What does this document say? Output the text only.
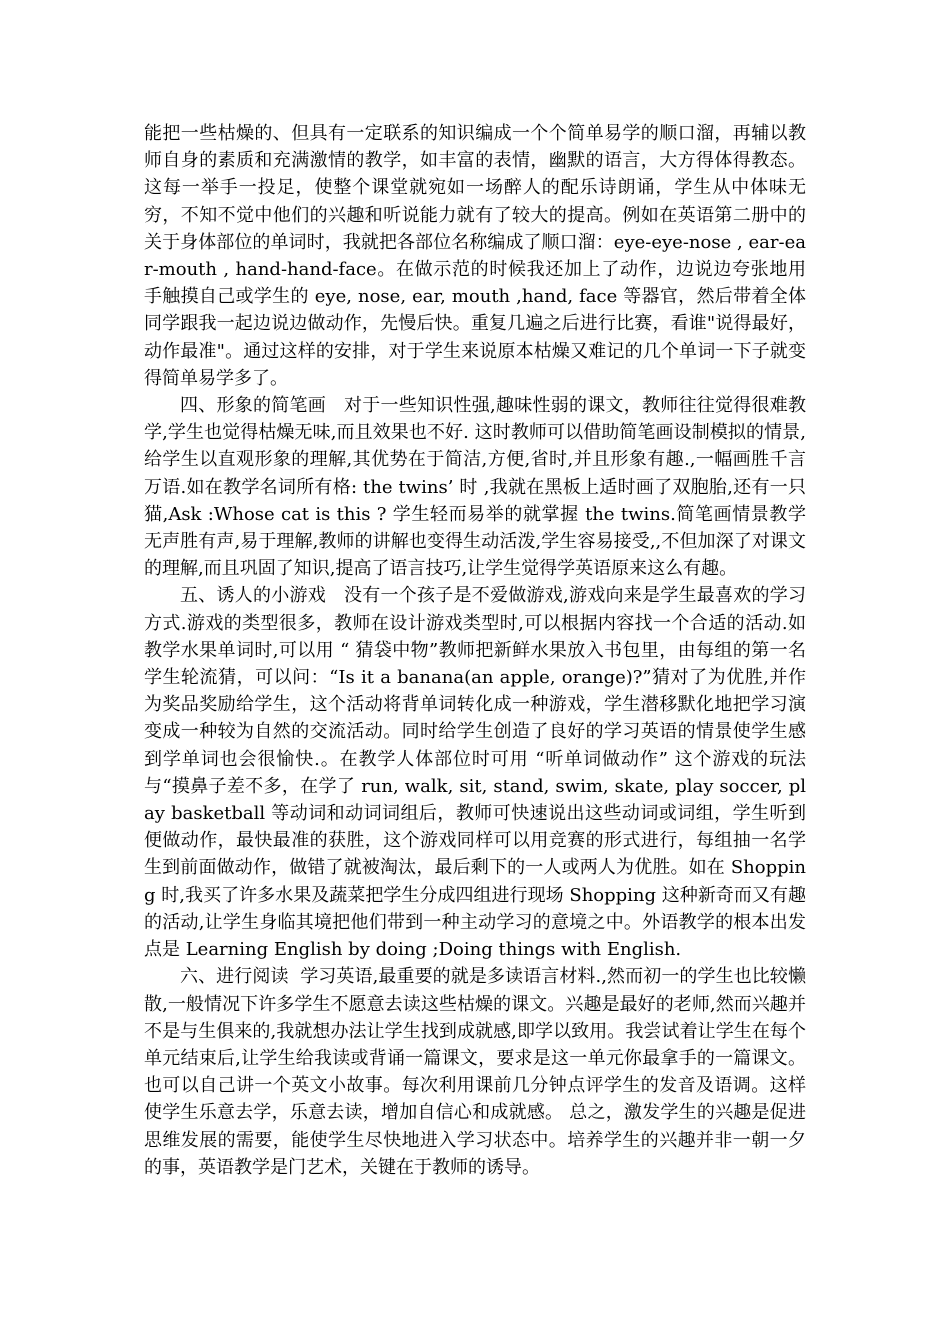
能把一些枯燥的、但具有一定联系的知识编成一个个简单易学的顺口溜，再辅以教师自身的素质和充满激情的教学，如丰富的表情，幽默的语言，大方得体得教态。这每一举手一投足，使整个课堂就宛如一场醉人的配乐诗朗诵，学生从中体味无穷，不知不觉中他们的兴趣和听说能力就有了较大的提高。例如在英语第二册中的关于身体部位的单词时，我就把各部位名称编成了顺口溜：eye-eye-nose , ear-ear-mouth , hand-hand-face。在做示范的时候我还加上了动作，边说边夸张地用手触摸自己或学生的 eye, nose, ear, mouth ,hand, face 等器官，然后带着全体同学跟我一起边说边做动作，先慢后快。重复几遍之后进行比赛，看谁"说得最好，动作最准"。通过这样的安排，对于学生来说原本枯燥又难记的几个单词一下子就变得简单易学多了。

四、形象的简笔画 对于一些知识性强,趣味性弱的课文，教师往往觉得很难教学,学生也觉得枯燥无味,而且效果也不好. 这时教师可以借助简笔画设制模拟的情景,给学生以直观形象的理解,其优势在于简洁,方便,省时,并且形象有趣.,一幅画胜千言万语.如在教学名词所有格: the twins’ 时 ,我就在黑板上适时画了双胞胎,还有一只猫,Ask :Whose cat is this ? 学生轻而易举的就掌握 the twins.简笔画情景教学无声胜有声,易于理解,教师的讲解也变得生动活泼,学生容易接受,,不但加深了对课文的理解,而且巩固了知识,提高了语言技巧,让学生觉得学英语原来这么有趣。

五、诱人的小游戏 没有一个孩子是不爱做游戏,游戏向来是学生最喜欢的学习方式.游戏的类型很多，教师在设计游戏类型时,可以根据内容找一个合适的活动.如教学水果单词时,可以用 “ 猜袋中物”教师把新鲜水果放入书包里，由每组的第一名学生轮流猜，可以问：“Is it a banana(an apple, orange)?”猜对了为优胜,并作为奖品奖励给学生，这个活动将背单词转化成一种游戏，学生潜移默化地把学习演变成一种较为自然的交流活动。同时给学生创造了良好的学习英语的情景使学生感到学单词也会很愉快.。在教学人体部位时可用 “听单词做动作” 这个游戏的玩法与“摸鼻子差不多，在学了 run, walk, sit, stand, swim, skate, play soccer, play basketball 等动词和动词词组后，教师可快速说出这些动词或词组，学生听到便做动作，最快最准的获胜，这个游戏同样可以用竞赛的形式进行，每组抽一名学生到前面做动作，做错了就被淘汰，最后剩下的一人或两人为优胜。如在 Shopping 时,我买了许多水果及蔬菜把学生分成四组进行现场 Shopping 这种新奇而又有趣的活动,让学生身临其境把他们带到一种主动学习的意境之中。外语教学的根本出发点是 Learning English by doing ;Doing things with English.

六、进行阅读 学习英语,最重要的就是多读语言材料.,然而初一的学生也比较懒散,一般情况下许多学生不愿意去读这些枯燥的课文。兴趣是最好的老师,然而兴趣并不是与生俱来的,我就想办法让学生找到成就感,即学以致用。我尝试着让学生在每个单元结束后,让学生给我读或背诵一篇课文，要求是这一单元你最拿手的一篇课文。也可以自己讲一个英文小故事。每次利用课前几分钟点评学生的发音及语调。这样使学生乐意去学，乐意去读，增加自信心和成就感。 总之，激发学生的兴趣是促进思维发展的需要，能使学生尽快地进入学习状态中。培养学生的兴趣并非一朝一夕的事，英语教学是门艺术，关键在于教师的诱导。
